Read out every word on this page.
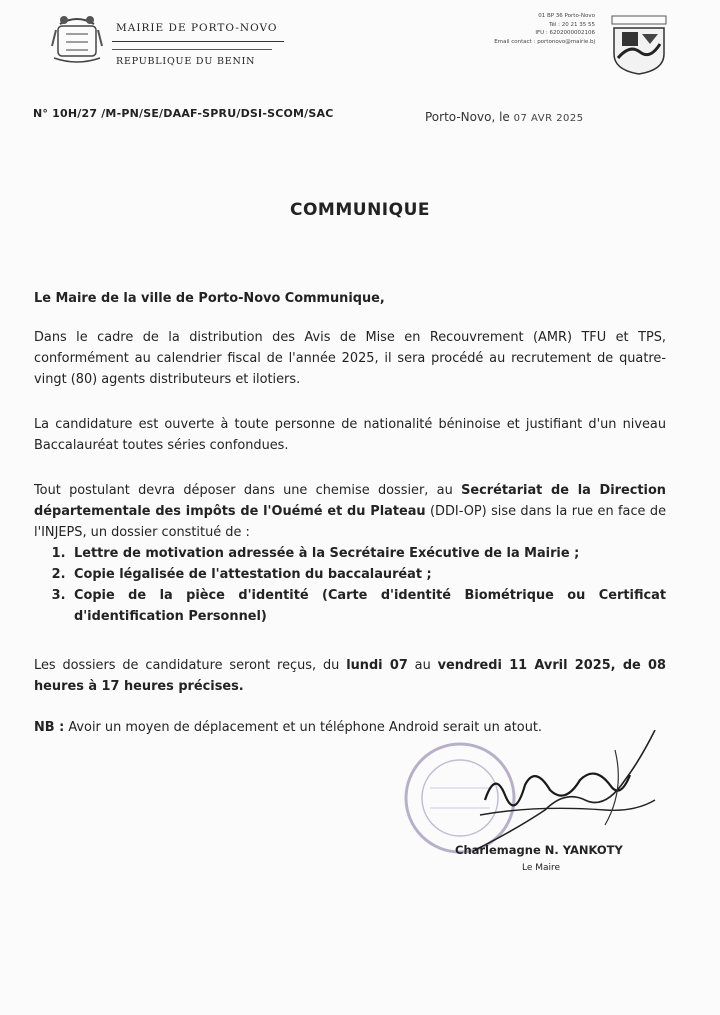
MAIRIE DE PORTO-NOVO
REPUBLIQUE DU BENIN
01 BP 36 Porto-Novo
Tél : 20 21 35 55
IFU : 6202000002106
Email contact : portonovo@mairie.bj
N° 10H/27 /M-PN/SE/DAAF-SPRU/DSI-SCOM/SAC	Porto-Novo, le 07 AVR 2025
COMMUNIQUE

Le Maire de la ville de Porto-Novo Communique,

Dans le cadre de la distribution des Avis de Mise en Recouvrement (AMR) TFU et TPS, conformément au calendrier fiscal de l'année 2025, il sera procédé au recrutement de quatre-vingt (80) agents distributeurs et ilotiers.

La candidature est ouverte à toute personne de nationalité béninoise et justifiant d'un niveau Baccalauréat toutes séries confondues.

Tout postulant devra déposer dans une chemise dossier, au Secrétariat de la Direction départementale des impôts de l'Ouémé et du Plateau (DDI-OP) sise dans la rue en face de l'INJEPS, un dossier constitué de :

1. Lettre de motivation adressée à la Secrétaire Exécutive de la Mairie ;
2. Copie légalisée de l'attestation du baccalauréat ;
3. Copie de la pièce d'identité (Carte d'identité Biométrique ou Certificat d'identification Personnel)

Les dossiers de candidature seront reçus, du lundi 07 au vendredi 11 Avril 2025, de 08 heures à 17 heures précises.

NB : Avoir un moyen de déplacement et un téléphone Android serait un atout.

Charlemagne N. YANKOTY
Le Maire
